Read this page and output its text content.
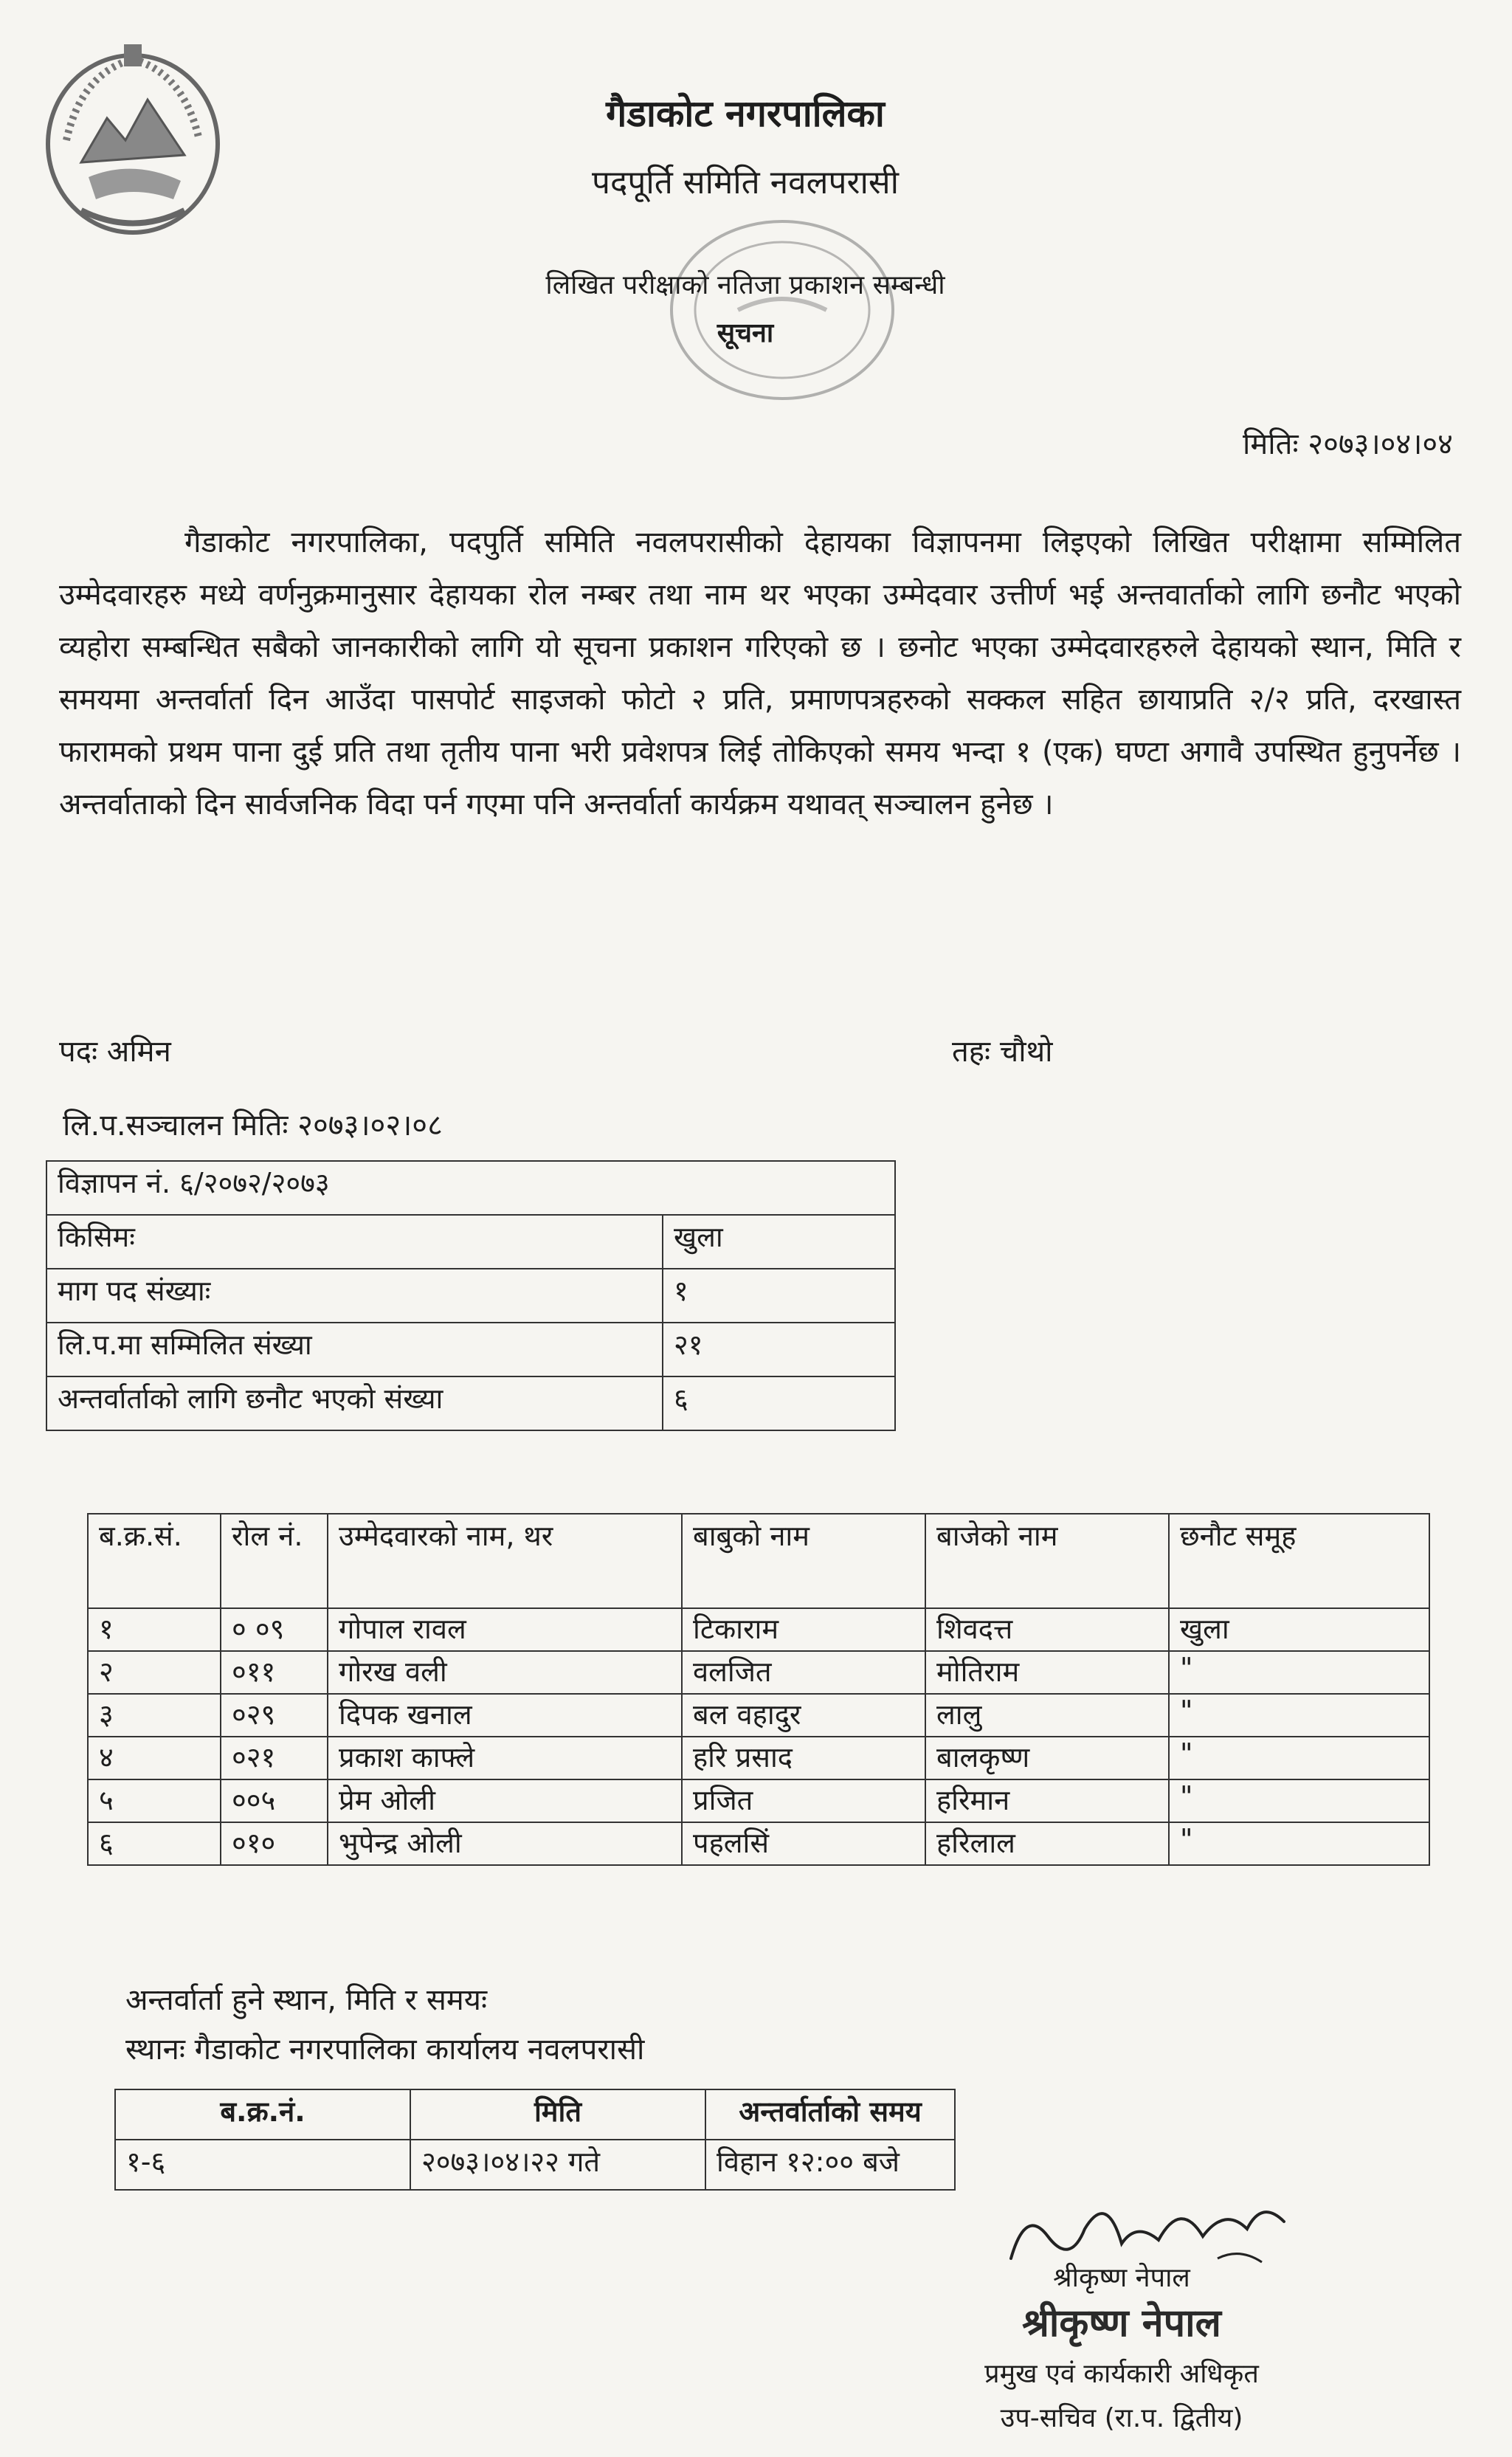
गैडाकोट नगरपालिका
पदपूर्ति समिति नवलपरासी
लिखित परीक्षाको नतिजा प्रकाशन सम्बन्धी
सूचना
मितिः २०७३।०४।०४
गैडाकोट नगरपालिका, पदपुर्ति समिति नवलपरासीको देहायका विज्ञापनमा लिइएको लिखित परीक्षामा सम्मिलित उम्मेदवारहरु मध्ये वर्णनुक्रमानुसार देहायका रोल नम्बर तथा नाम थर भएका उम्मेदवार उत्तीर्ण भई अन्तवार्ताको लागि छनौट भएको व्यहोरा सम्बन्धित सबैको जानकारीको लागि यो सूचना प्रकाशन गरिएको छ । छनोट भएका उम्मेदवारहरुले देहायको स्थान, मिति र समयमा अन्तर्वार्ता दिन आउँदा पासपोर्ट साइजको फोटो २ प्रति, प्रमाणपत्रहरुको सक्कल सहित छायाप्रति २/२ प्रति, दरखास्त फारामको प्रथम पाना दुई प्रति तथा तृतीय पाना भरी प्रवेशपत्र लिई तोकिएको समय भन्दा १ (एक) घण्टा अगावै उपस्थित हुनुपर्नेछ । अन्तर्वाताको दिन सार्वजनिक विदा पर्न गएमा पनि अन्तर्वार्ता कार्यक्रम यथावत् सञ्चालन हुनेछ ।
पदः अमिन	तहः चौथो
लि.प.सञ्चालन मितिः २०७३।०२।०८
विज्ञापन नं. ६/२०७२/२०७३	
किसिमः	खुला
माग पद संख्याः	१
लि.प.मा सम्मिलित संख्या	२१
अन्तर्वार्ताको लागि छनौट भएको संख्या	६
ब.क्र.सं.	रोल नं.	उम्मेदवारको नाम, थर	बाबुको नाम	बाजेको नाम	छनौट समूह
१	० ०९	गोपाल रावल	टिकाराम	शिवदत्त	खुला
२	०११	गोरख वली	वलजित	मोतिराम	"
३	०२९	दिपक खनाल	बल वहादुर	लालु	"
४	०२१	प्रकाश काफ्ले	हरि प्रसाद	बालकृष्ण	"
५	००५	प्रेम ओली	प्रजित	हरिमान	"
६	०१०	भुपेन्द्र ओली	पहलसिं	हरिलाल	"
अन्तर्वार्ता हुने स्थान, मिति र समयः
स्थानः गैडाकोट नगरपालिका कार्यालय नवलपरासी
ब.क्र.नं.	मिति	अन्तर्वार्ताको समय
१-६	२०७३।०४।२२ गते	विहान १२:०० बजे
श्रीकृष्ण नेपाल
श्रीकृष्ण नेपाल
प्रमुख एवं कार्यकारी अधिकृत
उप-सचिव (रा.प. द्वितीय)
